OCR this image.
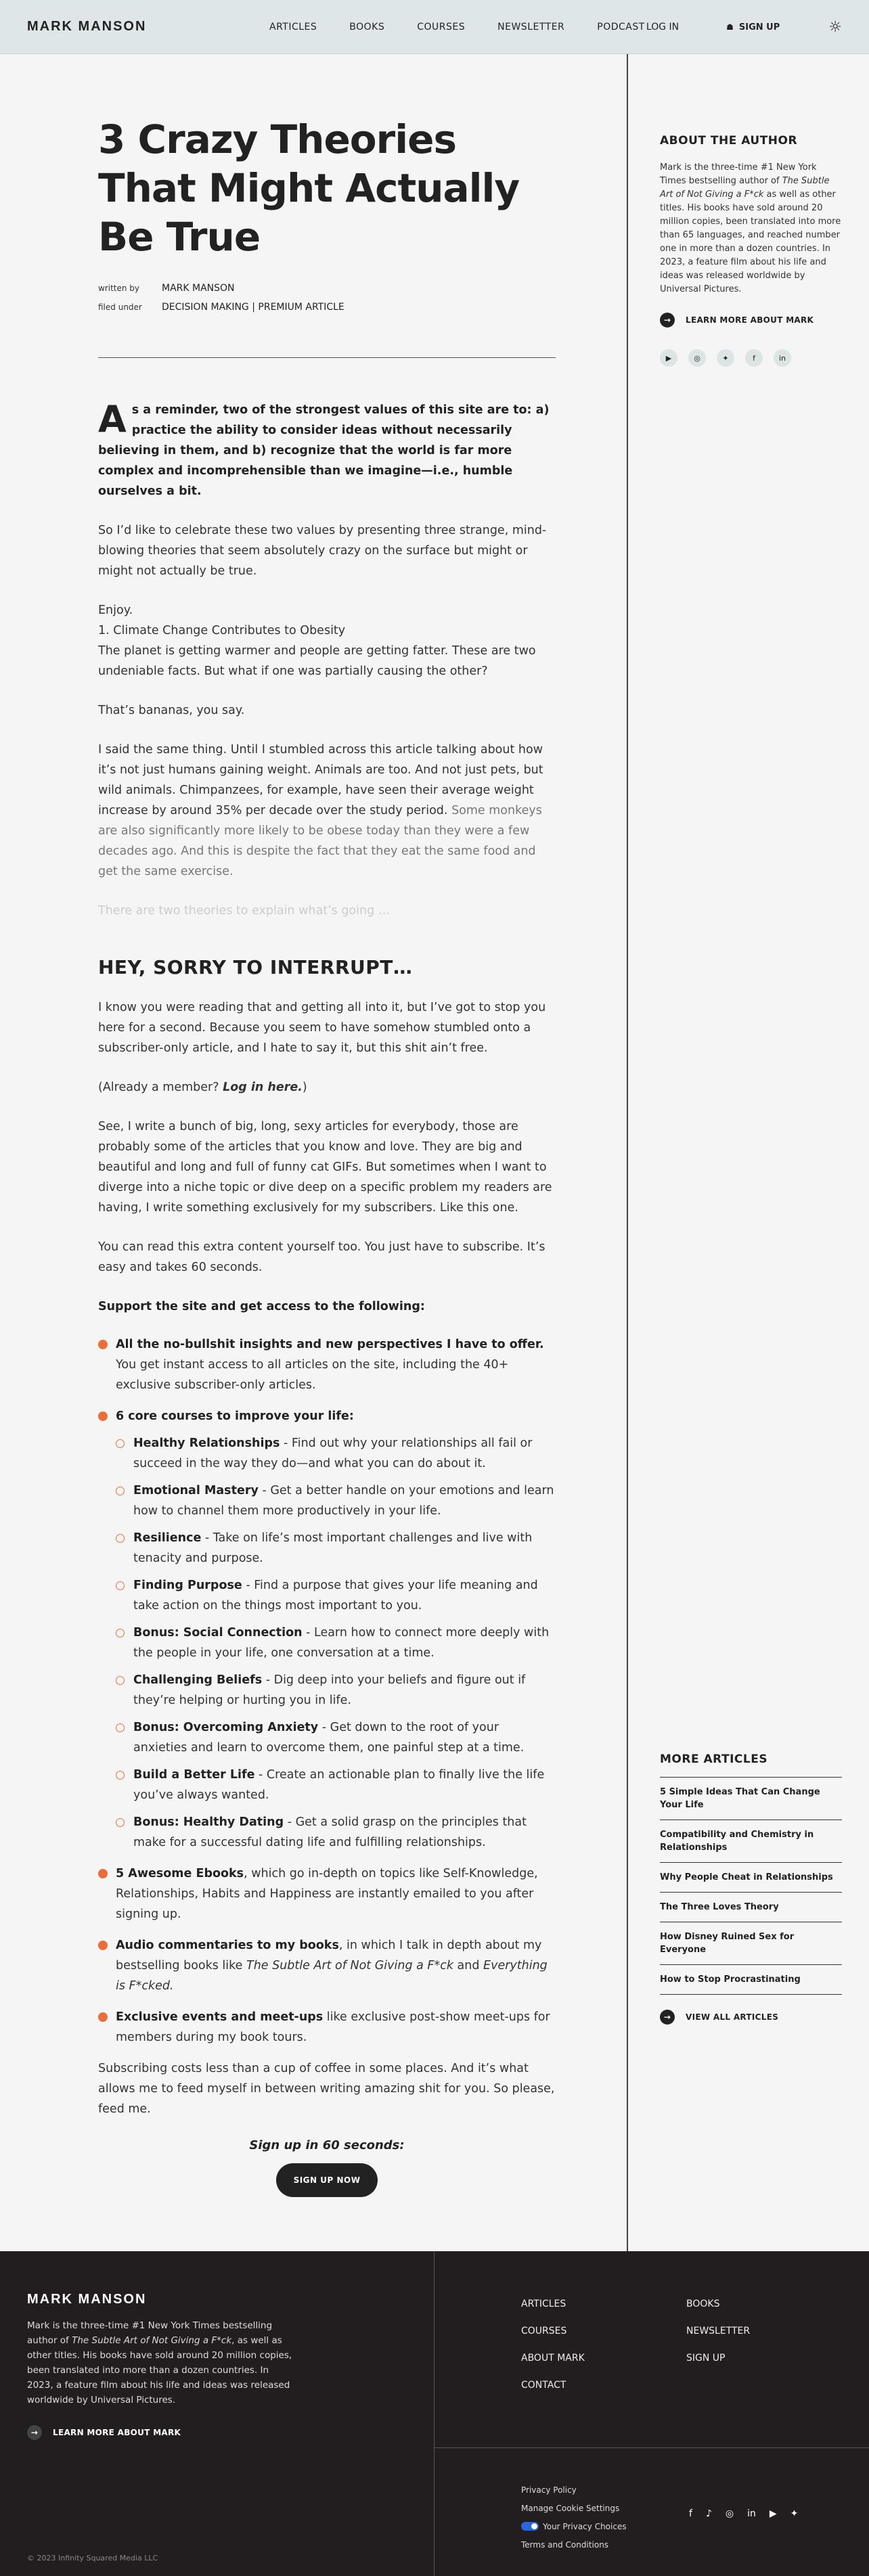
MARK MANSON	ARTICLES	BOOKS	COURSES	NEWSLETTER	PODCAST LOG IN	☗ SIGN UP	☼
3 Crazy Theories That Might Actually Be True
written by MARK MANSON
filed under DECISION MAKING | PREMIUM ARTICLE

As a reminder, two of the strongest values of this site are to: a) practice the ability to consider ideas without necessarily believing in them, and b) recognize that the world is far more complex and incomprehensible than we imagine—i.e., humble ourselves a bit.

So I’d like to celebrate these two values by presenting three strange, mind-blowing theories that seem absolutely crazy on the surface but might or might not actually be true.

Enjoy.
1. Climate Change Contributes to Obesity
The planet is getting warmer and people are getting fatter. These are two undeniable facts. But what if one was partially causing the other?

That’s bananas, you say.

I said the same thing. Until I stumbled across this article talking about how it’s not just humans gaining weight. Animals are too. And not just pets, but wild animals. Chimpanzees, for example, have seen their average weight increase by around 35% per decade over the study period. Some monkeys are also significantly more likely to be obese today than they were a few decades ago. And this is despite the fact that they eat the same food and get the same exercise.

There are two theories to explain what’s going …

HEY, SORRY TO INTERRUPT…

I know you were reading that and getting all into it, but I’ve got to stop you here for a second. Because you seem to have somehow stumbled onto a subscriber-only article, and I hate to say it, but this shit ain’t free.

(Already a member? Log in here.)

See, I write a bunch of big, long, sexy articles for everybody, those are probably some of the articles that you know and love. They are big and beautiful and long and full of funny cat GIFs. But sometimes when I want to diverge into a niche topic or dive deep on a specific problem my readers are having, I write something exclusively for my subscribers. Like this one.

You can read this extra content yourself too. You just have to subscribe. It’s easy and takes 60 seconds.

Support the site and get access to the following:

All the no-bullshit insights and new perspectives I have to offer. You get instant access to all articles on the site, including the 40+ exclusive subscriber-only articles.
6 core courses to improve your life:
Healthy Relationships - Find out why your relationships all fail or succeed in the way they do—and what you can do about it.
Emotional Mastery - Get a better handle on your emotions and learn how to channel them more productively in your life.
Resilience - Take on life’s most important challenges and live with tenacity and purpose.
Finding Purpose - Find a purpose that gives your life meaning and take action on the things most important to you.
Bonus: Social Connection - Learn how to connect more deeply with the people in your life, one conversation at a time.
Challenging Beliefs - Dig deep into your beliefs and figure out if they’re helping or hurting you in life.
Bonus: Overcoming Anxiety - Get down to the root of your anxieties and learn to overcome them, one painful step at a time.
Build a Better Life - Create an actionable plan to finally live the life you’ve always wanted.
Bonus: Healthy Dating - Get a solid grasp on the principles that make for a successful dating life and fulfilling relationships.
5 Awesome Ebooks, which go in-depth on topics like Self-Knowledge, Relationships, Habits and Happiness are instantly emailed to you after signing up.
Audio commentaries to my books, in which I talk in depth about my bestselling books like The Subtle Art of Not Giving a F*ck and Everything is F*cked.
Exclusive events and meet-ups like exclusive post-show meet-ups for members during my book tours.

Subscribing costs less than a cup of coffee in some places. And it’s what allows me to feed myself in between writing amazing shit for you. So please, feed me.

Sign up in 60 seconds:

SIGN UP NOW
ABOUT THE AUTHOR

Mark is the three-time #1 New York Times bestselling author of The Subtle Art of Not Giving a F*ck as well as other titles. His books have sold around 20 million copies, been translated into more than 65 languages, and reached number one in more than a dozen countries. In 2023, a feature film about his life and ideas was released worldwide by Universal Pictures.

→	LEARN MORE ABOUT MARK
▶	◎	✦	f	in
MORE ARTICLES
5 Simple Ideas That Can Change Your Life
Compatibility and Chemistry in Relationships
Why People Cheat in Relationships
The Three Loves Theory
How Disney Ruined Sex for Everyone
How to Stop Procrastinating
→	VIEW ALL ARTICLES
MARK MANSON

Mark is the three-time #1 New York Times bestselling author of The Subtle Art of Not Giving a F*ck, as well as other titles. His books have sold around 20 million copies, been translated into more than a dozen countries. In 2023, a feature film about his life and ideas was released worldwide by Universal Pictures.

→	LEARN MORE ABOUT MARK
ARTICLES	BOOKS
COURSES	NEWSLETTER
ABOUT MARK	SIGN UP
CONTACT
Privacy Policy
Manage Cookie Settings
Your Privacy Choices
Terms and Conditions
f ♪ ◎ in ▶ ✦
© 2023 Infinity Squared Media LLC
